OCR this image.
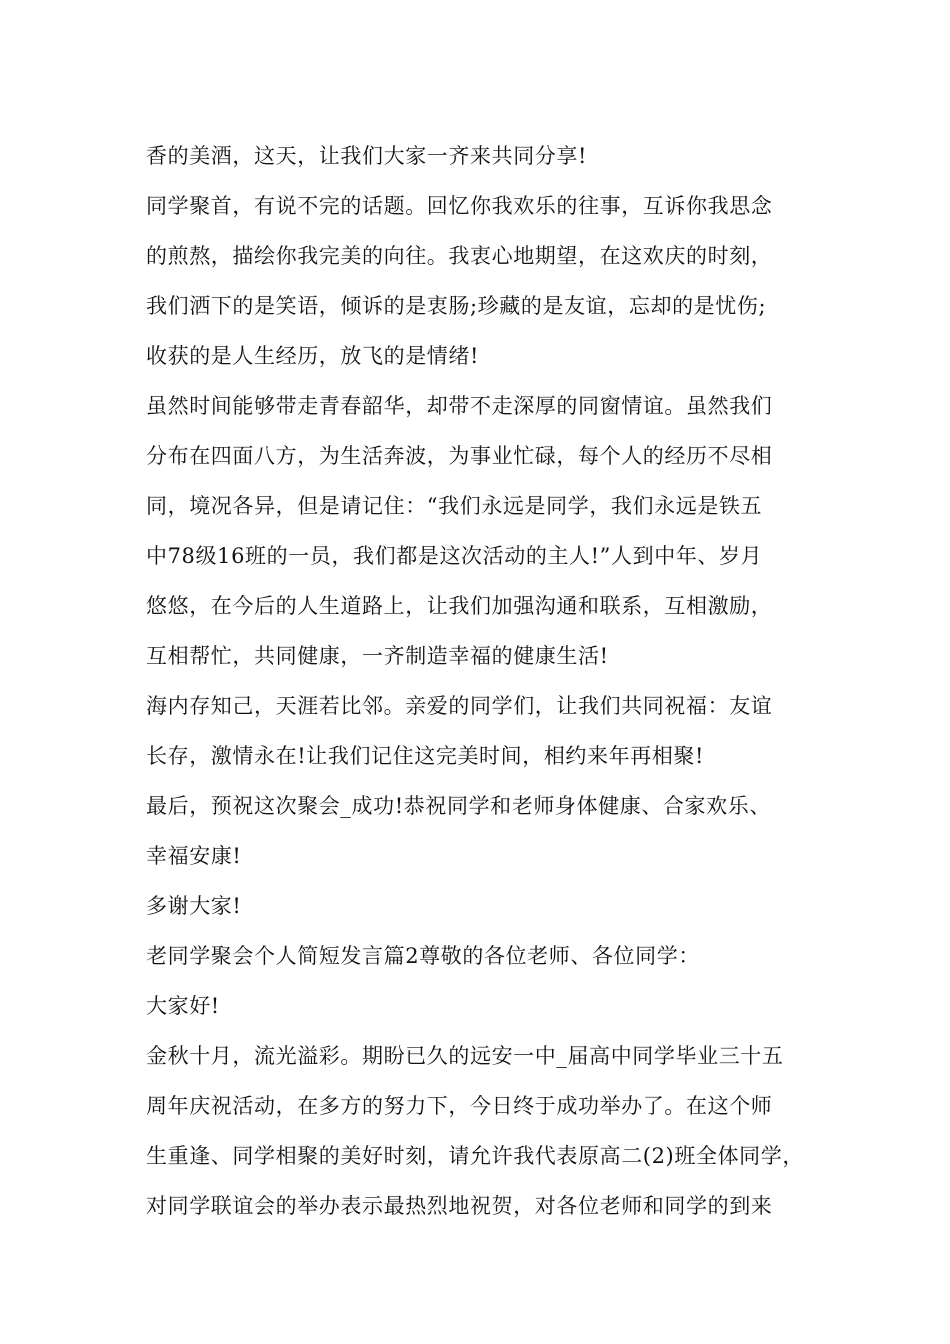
香的美酒，这天，让我们大家一齐来共同分享!
同学聚首，有说不完的话题。回忆你我欢乐的往事，互诉你我思念
的煎熬，描绘你我完美的向往。我衷心地期望，在这欢庆的时刻，
我们洒下的是笑语，倾诉的是衷肠;珍藏的是友谊，忘却的是忧伤;
收获的是人生经历，放飞的是情绪!
虽然时间能够带走青春韶华，却带不走深厚的同窗情谊。虽然我们
分布在四面八方，为生活奔波，为事业忙碌，每个人的经历不尽相
同，境况各异，但是请记住：“我们永远是同学，我们永远是铁五
中78级16班的一员，我们都是这次活动的主人!”人到中年、岁月
悠悠，在今后的人生道路上，让我们加强沟通和联系，互相激励，
互相帮忙，共同健康，一齐制造幸福的健康生活!
海内存知己，天涯若比邻。亲爱的同学们，让我们共同祝福：友谊
长存，激情永在!让我们记住这完美时间，相约来年再相聚!
最后，预祝这次聚会_成功!恭祝同学和老师身体健康、合家欢乐、
幸福安康!
多谢大家!
老同学聚会个人简短发言篇2尊敬的各位老师、各位同学：
大家好!
金秋十月，流光溢彩。期盼已久的远安一中_届高中同学毕业三十五
周年庆祝活动，在多方的努力下，今日终于成功举办了。在这个师
生重逢、同学相聚的美好时刻，请允许我代表原高二(2)班全体同学，
对同学联谊会的举办表示最热烈地祝贺，对各位老师和同学的到来
